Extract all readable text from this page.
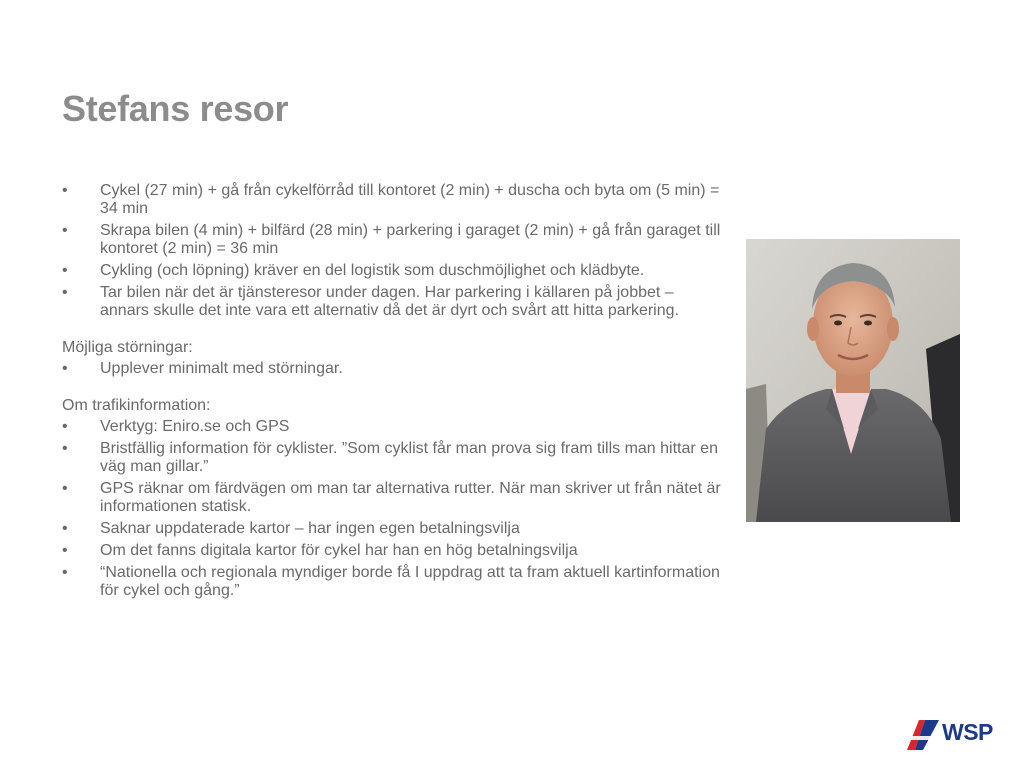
Stefans resor
• Cykel (27 min) + gå från cykelförråd till kontoret (2 min) + duscha och byta om (5 min) = 34 min
• Skrapa bilen (4 min) + bilfärd (28 min) + parkering i garaget (2 min) + gå från garaget till kontoret (2 min) = 36 min
• Cykling (och löpning) kräver en del logistik som duschmöjlighet och klädbyte.
• Tar bilen när det är tjänsteresor under dagen. Har parkering i källaren på jobbet – annars skulle det inte vara ett alternativ då det är dyrt och svårt att hitta parkering.

Möjliga störningar:

• Upplever minimalt med störningar.

Om trafikinformation:

• Verktyg: Eniro.se och GPS
• Bristfällig information för cyklister. ”Som cyklist får man prova sig fram tills man hittar en väg man gillar.”
• GPS räknar om färdvägen om man tar alternativa rutter. När man skriver ut från nätet är informationen statisk.
• Saknar uppdaterade kartor – har ingen egen betalningsvilja
• Om det fanns digitala kartor för cykel har han en hög betalningsvilja
• “Nationella och regionala myndiger borde få I uppdrag att ta fram aktuell kartinformation för cykel och gång.”
WSP
